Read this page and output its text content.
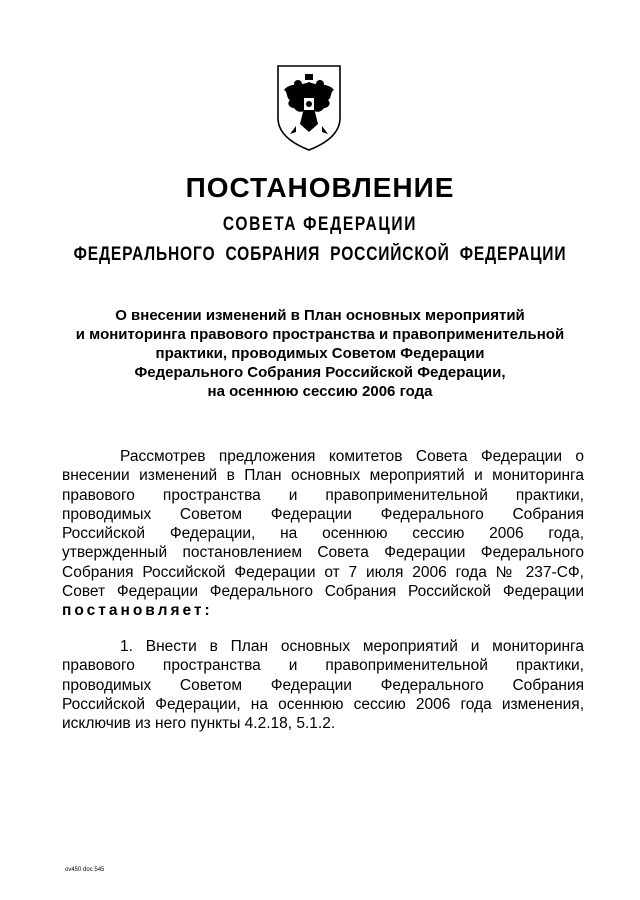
ПОСТАНОВЛЕНИЕ
СОВЕТА ФЕДЕРАЦИИ
ФЕДЕРАЛЬНОГО СОБРАНИЯ РОССИЙСКОЙ ФЕДЕРАЦИИ
О внесении изменений в План основных мероприятий
и мониторинга правового пространства и правоприменительной
практики, проводимых Советом Федерации
Федерального Собрания Российской Федерации,
на осеннюю сессию 2006 года
Рассмотрев предложения комитетов Совета Федерации о
внесении изменений в План основных мероприятий и мониторинга
правового пространства и правоприменительной практики,
проводимых Советом Федерации Федерального Собрания
Российской Федерации, на осеннюю сессию 2006 года,
утвержденный постановлением Совета Федерации Федерального
Собрания Российской Федерации от 7 июля 2006 года № 237-СФ,
Совет Федерации Федерального Собрания Российской Федерации
постановляет:
1. Внести в План основных мероприятий и мониторинга
правового пространства и правоприменительной практики,
проводимых Советом Федерации Федерального Собрания
Российской Федерации, на осеннюю сессию 2006 года изменения,
исключив из него пункты 4.2.18, 5.1.2.
ov450 doc 545
